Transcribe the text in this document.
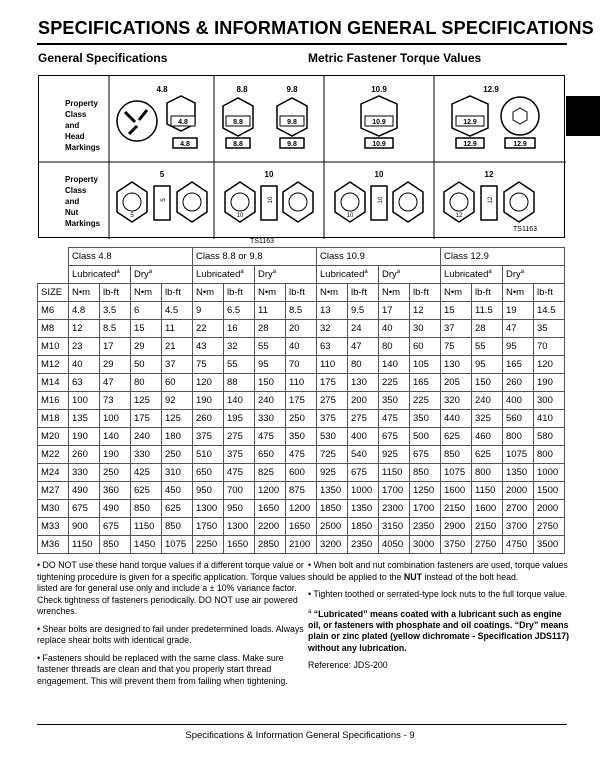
SPECIFICATIONS & INFORMATION GENERAL SPECIFICATIONS
General Specifications	Metric Fastener Torque Values
Property Class and Head Markings
Property Class and Nut Markings
4.8	8.8	9.8	10.9	12.9
5	10	10	12
4.8
4.8
8.8
8.8
9.8
9.8
10.9
10.9
12.9
12.9	12.9
5
5
10
10
10
10
12
12
TS1163
TS1163
	Class 4.8				Class 8.8 or 9.8				Class 10.9				Class 12.9			
	Lubricated$^a$		Dry$^a$		Lubricated$^a$		Dry$^a$		Lubricated$^a$		Dry$^a$		Lubricated$^a$		Dry$^a$
SIZE	N•m	lb-ft	N•m	lb-ft	N•m	lb-ft	N•m	lb-ft	N•m	lb-ft	N•m	lb-ft	N•m	lb-ft	N•m	lb-ft
M6	4.8	3.5	6	4.5	9	6.5	11	8.5	13	9.5	17	12	15	11.5	19	14.5
M8	12	8.5	15	11	22	16	28	20	32	24	40	30	37	28	47	35
M10	23	17	29	21	43	32	55	40	63	47	80	60	75	55	95	70
M12	40	29	50	37	75	55	95	70	110	80	140	105	130	95	165	120
M14	63	47	80	60	120	88	150	110	175	130	225	165	205	150	260	190
M16	100	73	125	92	190	140	240	175	275	200	350	225	320	240	400	300
M18	135	100	175	125	260	195	330	250	375	275	475	350	440	325	560	410
M20	190	140	240	180	375	275	475	350	530	400	675	500	625	460	800	580
M22	260	190	330	250	510	375	650	475	725	540	925	675	850	625	1075	800
M24	330	250	425	310	650	475	825	600	925	675	1150	850	1075	800	1350	1000
M27	490	360	625	450	950	700	1200	875	1350	1000	1700	1250	1600	1150	2000	1500
M30	675	490	850	625	1300	950	1650	1200	1850	1350	2300	1700	2150	1600	2700	2000
M33	900	675	1150	850	1750	1300	2200	1650	2500	1850	3150	2350	2900	2150	3700	2750
M36	1150	850	1450	1075	2250	1650	2850	2100	3200	2350	4050	3000	3750	2750	4750	3500

• DO NOT use these hand torque values if a different torque value or tightening procedure is given for a specific application. Torque values listed are for general use only and include a ± 10% variance factor. Check tightness of fasteners periodically. DO NOT use air powered wrenches.

• Shear bolts are designed to fail under predetermined loads. Always replace shear bolts with identical grade.

• Fasteners should be replaced with the same class. Make sure fastener threads are clean and that you properly start thread engagement. This will prevent them from failing when tightening.

• When bolt and nut combination fasteners are used, torque values should be applied to the NUT instead of the bolt head.

• Tighten toothed or serrated-type lock nuts to the full torque value.

$^a$ “Lubricated” means coated with a lubricant such as engine oil, or fasteners with phosphate and oil coatings. “Dry” means plain or zinc plated (yellow dichromate - Specification JDS117) without any lubrication.

Reference: JDS-200

Specifications & Information General Specifications - 9
